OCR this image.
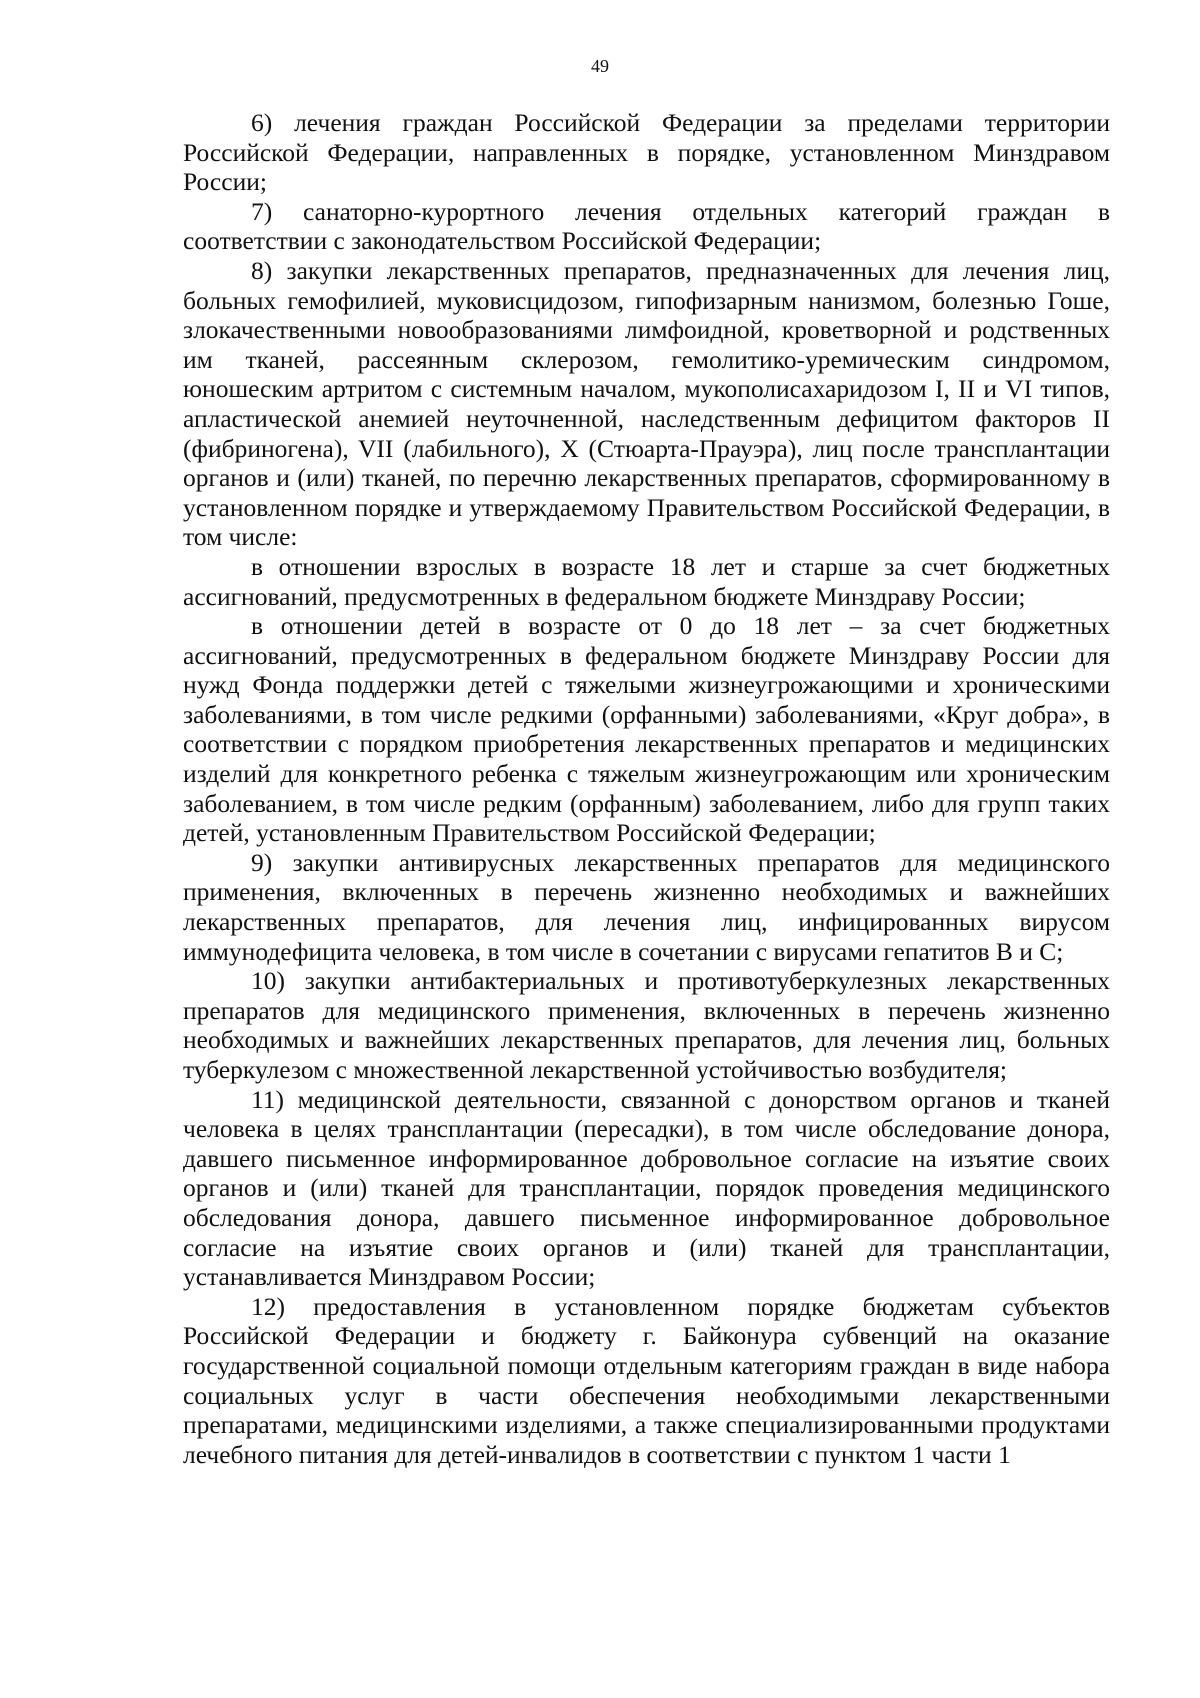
49

6) лечения граждан Российской Федерации за пределами территории Российской Федерации, направленных в порядке, установленном Минздравом России;

7) санаторно-курортного лечения отдельных категорий граждан в соответствии с законодательством Российской Федерации;

8) закупки лекарственных препаратов, предназначенных для лечения лиц, больных гемофилией, муковисцидозом, гипофизарным нанизмом, болезнью Гоше, злокачественными новообразованиями лимфоидной, кроветворной и родственных им тканей, рассеянным склерозом, гемолитико-уремическим синдромом, юношеским артритом с системным началом, мукополисахаридозом I, II и VI типов, апластической анемией неуточненной, наследственным дефицитом факторов II (фибриногена), VII (лабильного), X (Стюарта-Прауэра), лиц после трансплантации органов и (или) тканей, по перечню лекарственных препаратов, сформированному в установленном порядке и утверждаемому Правительством Российской Федерации, в том числе:

в отношении взрослых в возрасте 18 лет и старше за счет бюджетных ассигнований, предусмотренных в федеральном бюджете Минздраву России;

в отношении детей в возрасте от 0 до 18 лет – за счет бюджетных ассигнований, предусмотренных в федеральном бюджете Минздраву России для нужд Фонда поддержки детей с тяжелыми жизнеугрожающими и хроническими заболеваниями, в том числе редкими (орфанными) заболеваниями, «Круг добра», в соответствии с порядком приобретения лекарственных препаратов и медицинских изделий для конкретного ребенка с тяжелым жизнеугрожающим или хроническим заболеванием, в том числе редким (орфанным) заболеванием, либо для групп таких детей, установленным Правительством Российской Федерации;

9) закупки антивирусных лекарственных препаратов для медицинского применения, включенных в перечень жизненно необходимых и важнейших лекарственных препаратов, для лечения лиц, инфицированных вирусом иммунодефицита человека, в том числе в сочетании с вирусами гепатитов B и C;

10) закупки антибактериальных и противотуберкулезных лекарственных препаратов для медицинского применения, включенных в перечень жизненно необходимых и важнейших лекарственных препаратов, для лечения лиц, больных туберкулезом с множественной лекарственной устойчивостью возбудителя;

11) медицинской деятельности, связанной с донорством органов и тканей человека в целях трансплантации (пересадки), в том числе обследование донора, давшего письменное информированное добровольное согласие на изъятие своих органов и (или) тканей для трансплантации, порядок проведения медицинского обследования донора, давшего письменное информированное добровольное согласие на изъятие своих органов и (или) тканей для трансплантации, устанавливается Минздравом России;

12) предоставления в установленном порядке бюджетам субъектов Российской Федерации и бюджету г. Байконура субвенций на оказание государственной социальной помощи отдельным категориям граждан в виде набора социальных услуг в части обеспечения необходимыми лекарственными препаратами, медицинскими изделиями, а также специализированными продуктами лечебного питания для детей-инвалидов в соответствии с пунктом 1 части 1
